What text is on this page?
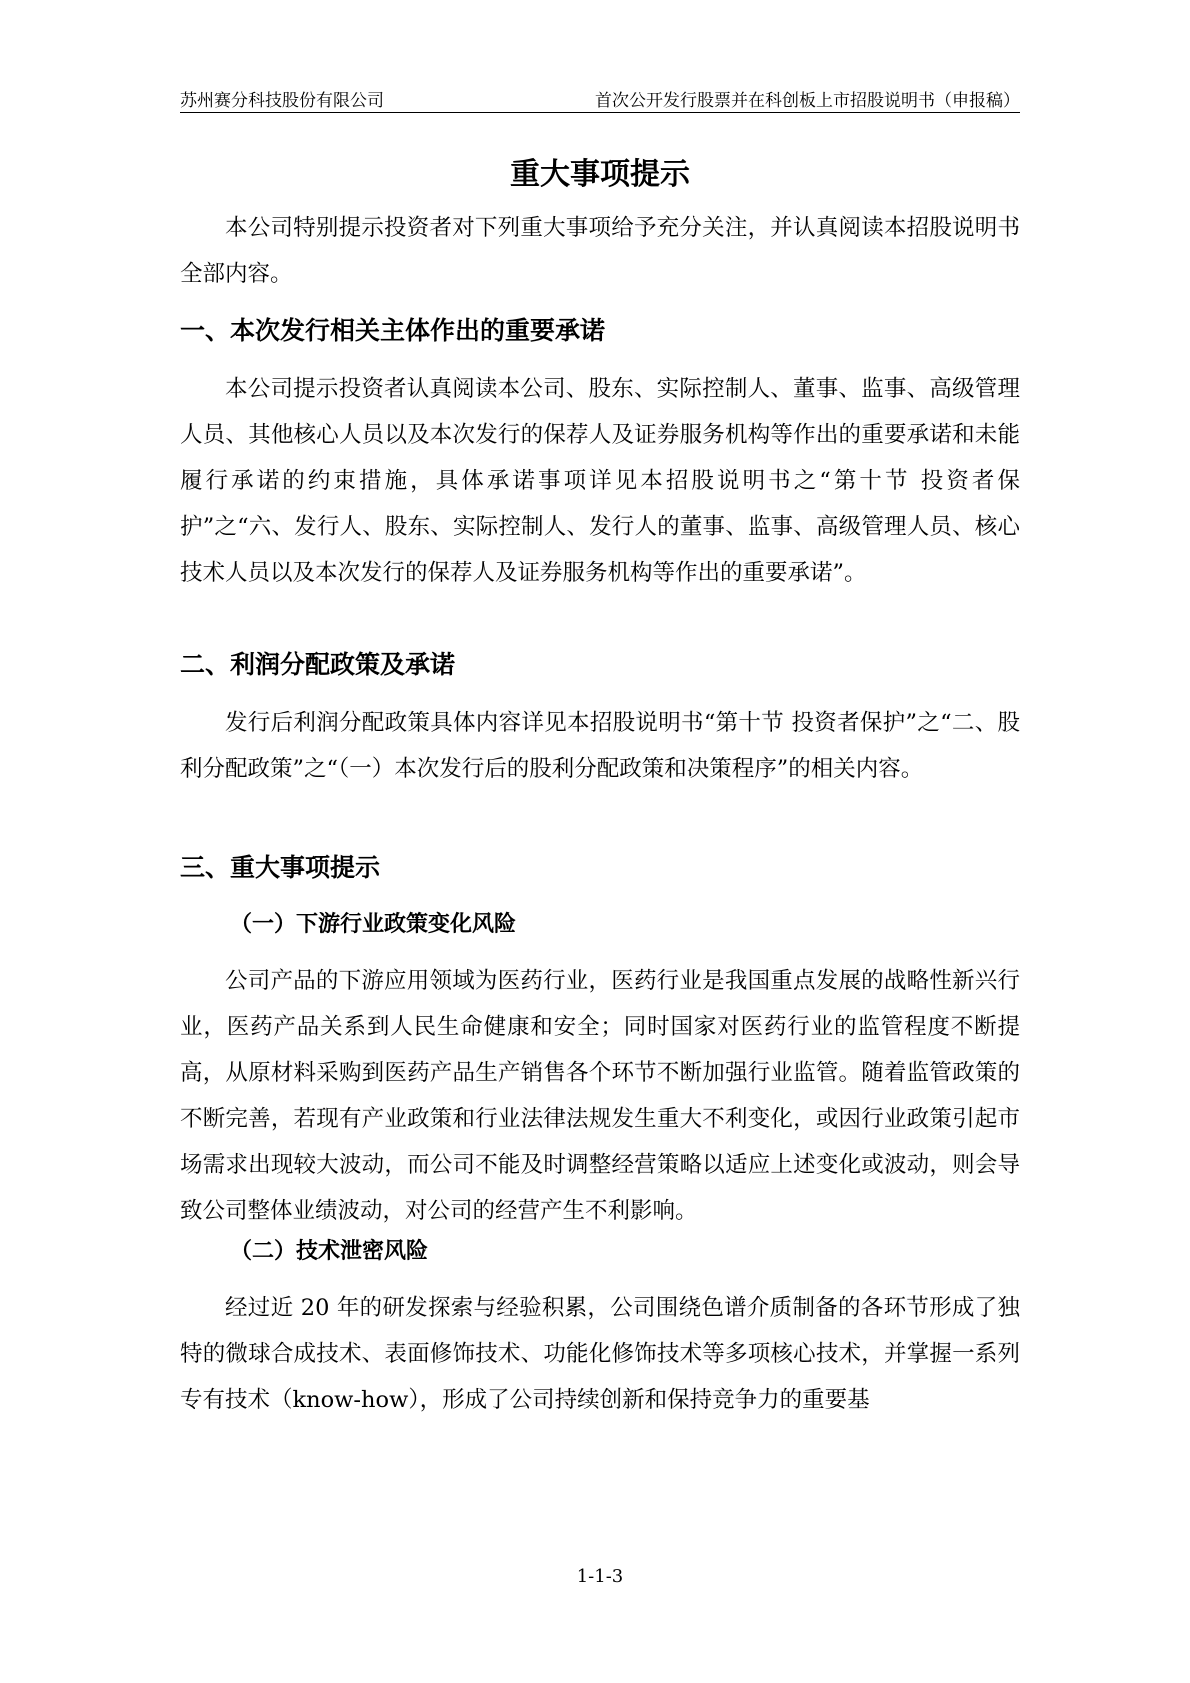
苏州赛分科技股份有限公司	首次公开发行股票并在科创板上市招股说明书（申报稿）
重大事项提示

本公司特别提示投资者对下列重大事项给予充分关注，并认真阅读本招股说明书全部内容。

一、本次发行相关主体作出的重要承诺

本公司提示投资者认真阅读本公司、股东、实际控制人、董事、监事、高级管理人员、其他核心人员以及本次发行的保荐人及证券服务机构等作出的重要承诺和未能履行承诺的约束措施，具体承诺事项详见本招股说明书之“第十节 投资者保护”之“六、发行人、股东、实际控制人、发行人的董事、监事、高级管理人员、核心技术人员以及本次发行的保荐人及证券服务机构等作出的重要承诺”。

二、利润分配政策及承诺

发行后利润分配政策具体内容详见本招股说明书“第十节 投资者保护”之“二、股利分配政策”之“（一）本次发行后的股利分配政策和决策程序”的相关内容。

三、重大事项提示
（一）下游行业政策变化风险

公司产品的下游应用领域为医药行业，医药行业是我国重点发展的战略性新兴行业，医药产品关系到人民生命健康和安全；同时国家对医药行业的监管程度不断提高，从原材料采购到医药产品生产销售各个环节不断加强行业监管。随着监管政策的不断完善，若现有产业政策和行业法律法规发生重大不利变化，或因行业政策引起市场需求出现较大波动，而公司不能及时调整经营策略以适应上述变化或波动，则会导致公司整体业绩波动，对公司的经营产生不利影响。

（二）技术泄密风险

经过近 20 年的研发探索与经验积累，公司围绕色谱介质制备的各环节形成了独特的微球合成技术、表面修饰技术、功能化修饰技术等多项核心技术，并掌握一系列专有技术（know-how），形成了公司持续创新和保持竞争力的重要基

1-1-3
